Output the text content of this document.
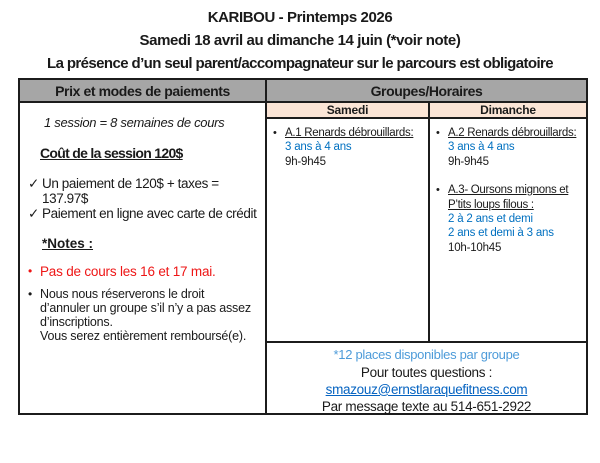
KARIBOU - Printemps 2026
Samedi 18 avril au dimanche 14 juin (*voir note)
La présence d’un seul parent/accompagnateur sur le parcours est obligatoire
Prix et modes de paiements	Groupes/Horaires
1 session = 8 semaines de cours
Coût de la session 120$
✓ Un paiement de 120$ + taxes = 137.97$
✓ Paiement en ligne avec carte de crédit
*Notes :
• Pas de cours les 16 et 17 mai.
• Nous nous réserverons le droit d’annuler un groupe s’il n’y a pas assez d’inscriptions.
Vous serez entièrement remboursé(e).
Samedi	Dimanche
• A.1 Renards débrouillards:
3 ans à 4 ans
9h-9h45
• A.2 Renards débrouillards:
3 ans à 4 ans
9h-9h45
• A.3- Oursons mignons et P’tits loups filous :
2 à 2 ans et demi
2 ans et demi à 3 ans
10h-10h45
*12 places disponibles par groupe
Pour toutes questions :
smazouz@ernstlaraquefitness.com
Par message texte au 514-651-2922
